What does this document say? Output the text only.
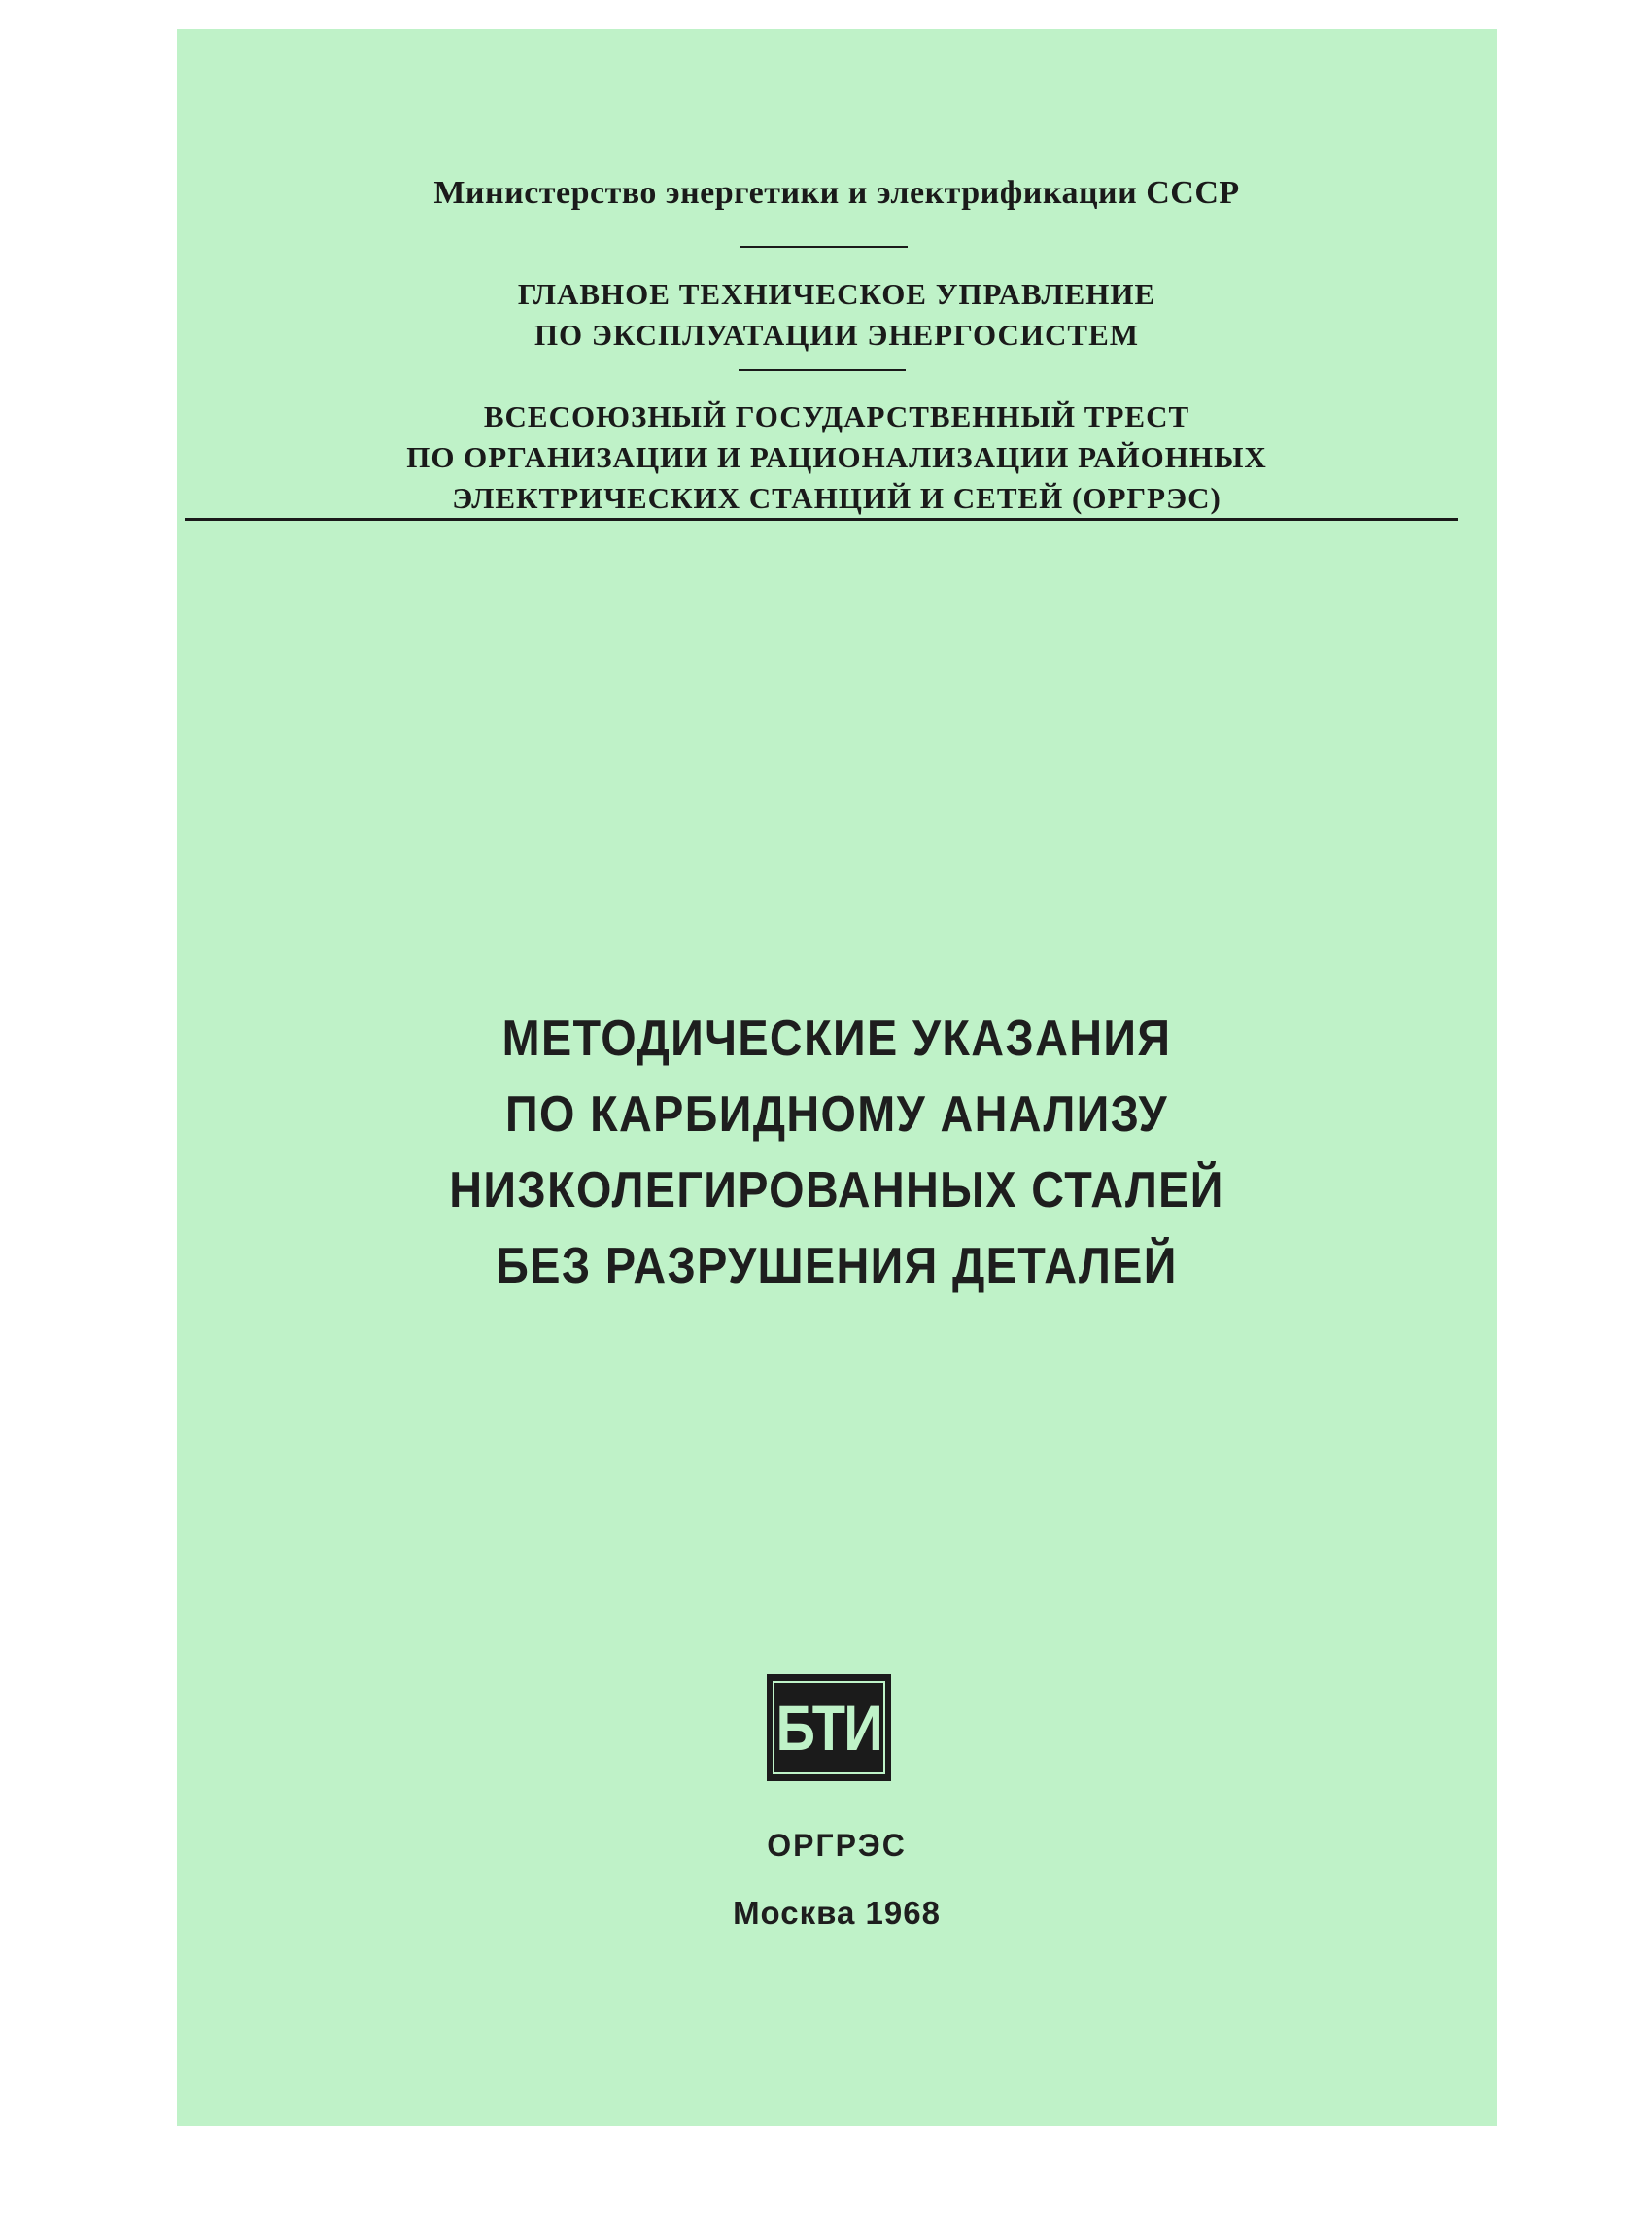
Министерство энергетики и электрификации СССР
ГЛАВНОЕ ТЕХНИЧЕСКОЕ УПРАВЛЕНИЕ
ПО ЭКСПЛУАТАЦИИ ЭНЕРГОСИСТЕМ
ВСЕСОЮЗНЫЙ ГОСУДАРСТВЕННЫЙ ТРЕСТ
ПО ОРГАНИЗАЦИИ И РАЦИОНАЛИЗАЦИИ РАЙОННЫХ
ЭЛЕКТРИЧЕСКИХ СТАНЦИЙ И СЕТЕЙ (ОРГРЭС)
МЕТОДИЧЕСКИЕ УКАЗАНИЯ
ПО КАРБИДНОМУ АНАЛИЗУ
НИЗКОЛЕГИРОВАННЫХ СТАЛЕЙ
БЕЗ РАЗРУШЕНИЯ ДЕТАЛЕЙ
БТИ
ОРГРЭС
Москва 1968
